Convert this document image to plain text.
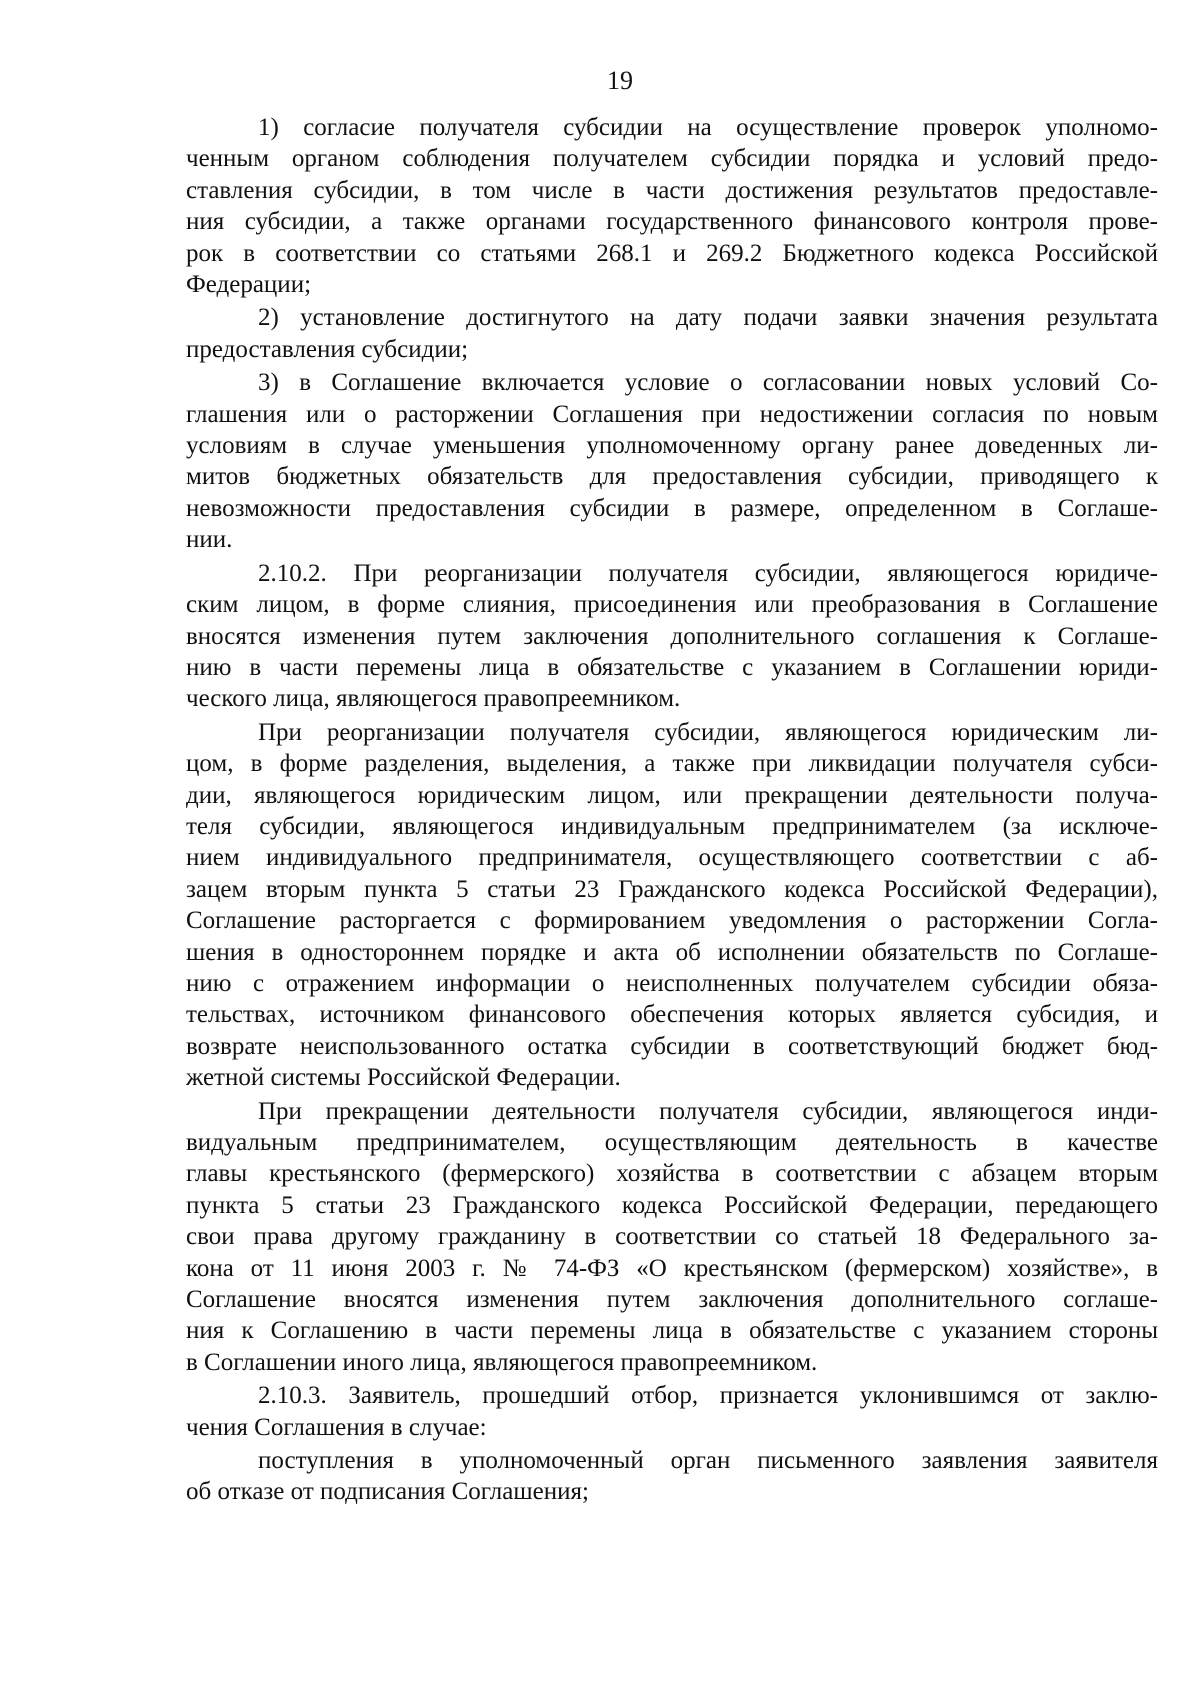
19
1) согласие получателя субсидии на осуществление проверок уполномо-
ченным органом соблюдения получателем субсидии порядка и условий предо-
ставления субсидии, в том числе в части достижения результатов предоставле-
ния субсидии, а также органами государственного финансового контроля прове-
рок в соответствии со статьями 268.1 и 269.2 Бюджетного кодекса Российской
Федерации;
2) установление достигнутого на дату подачи заявки значения результата
предоставления субсидии;
3) в Соглашение включается условие о согласовании новых условий Со-
глашения или о расторжении Соглашения при недостижении согласия по новым
условиям в случае уменьшения уполномоченному органу ранее доведенных ли-
митов бюджетных обязательств для предоставления субсидии, приводящего к
невозможности предоставления субсидии в размере, определенном в Соглаше-
нии.
2.10.2. При реорганизации получателя субсидии, являющегося юридиче-
ским лицом, в форме слияния, присоединения или преобразования в Соглашение
вносятся изменения путем заключения дополнительного соглашения к Соглаше-
нию в части перемены лица в обязательстве с указанием в Соглашении юриди-
ческого лица, являющегося правопреемником.
При реорганизации получателя субсидии, являющегося юридическим ли-
цом, в форме разделения, выделения, а также при ликвидации получателя субси-
дии, являющегося юридическим лицом, или прекращении деятельности получа-
теля субсидии, являющегося индивидуальным предпринимателем (за исключе-
нием индивидуального предпринимателя, осуществляющего соответствии с аб-
зацем вторым пункта 5 статьи 23 Гражданского кодекса Российской Федерации),
Соглашение расторгается с формированием уведомления о расторжении Согла-
шения в одностороннем порядке и акта об исполнении обязательств по Соглаше-
нию с отражением информации о неисполненных получателем субсидии обяза-
тельствах, источником финансового обеспечения которых является субсидия, и
возврате неиспользованного остатка субсидии в соответствующий бюджет бюд-
жетной системы Российской Федерации.
При прекращении деятельности получателя субсидии, являющегося инди-
видуальным предпринимателем, осуществляющим деятельность в качестве
главы крестьянского (фермерского) хозяйства в соответствии с абзацем вторым
пункта 5 статьи 23 Гражданского кодекса Российской Федерации, передающего
свои права другому гражданину в соответствии со статьей 18 Федерального за-
кона от 11 июня 2003 г. № 74-ФЗ «О крестьянском (фермерском) хозяйстве», в
Соглашение вносятся изменения путем заключения дополнительного соглаше-
ния к Соглашению в части перемены лица в обязательстве с указанием стороны
в Соглашении иного лица, являющегося правопреемником.
2.10.3. Заявитель, прошедший отбор, признается уклонившимся от заклю-
чения Соглашения в случае:
поступления в уполномоченный орган письменного заявления заявителя
об отказе от подписания Соглашения;
